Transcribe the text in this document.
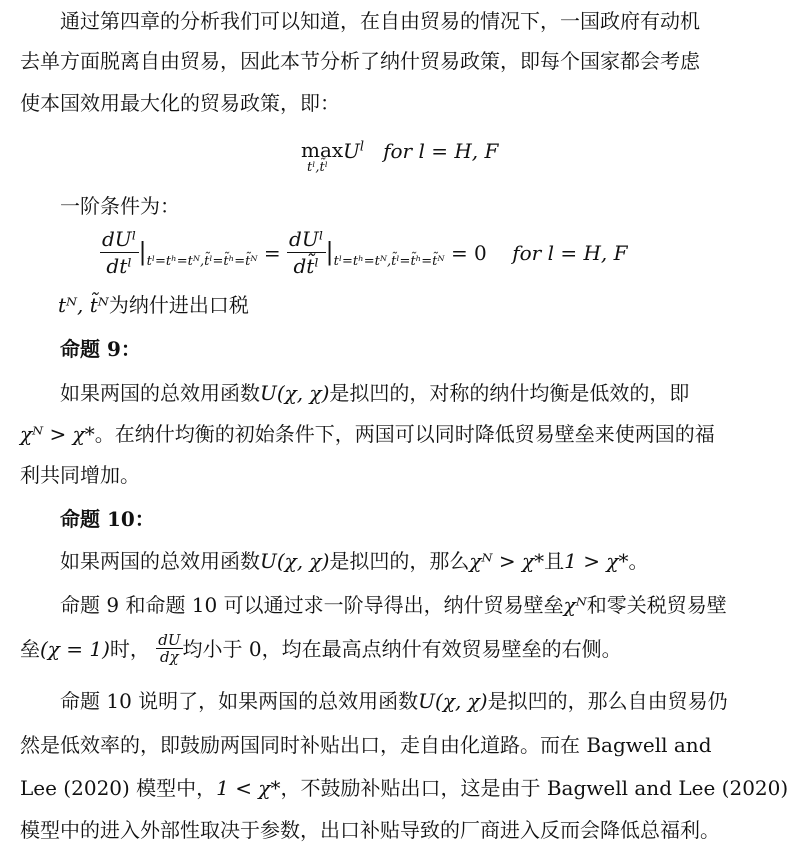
通过第四章的分析我们可以知道，在自由贸易的情况下，一国政府有动机
去单方面脱离自由贸易，因此本节分析了纳什贸易政策，即每个国家都会考虑
使本国效用最大化的贸易政策，即：
max
tˡ,t̃ˡ
$U^l$ for l = H, F
一阶条件为：
$\frac{\text{dUˡ}}{\text{dtˡ}} |_{tˡ=tʰ=tᴺ,t̃ˡ=t̃ʰ=t̃ᴺ} = \frac{\text{dUˡ}}{\text{dt̃ˡ}} |_{tˡ=tʰ=tᴺ,t̃ˡ=t̃ʰ=t̃ᴺ} = 0$ for l = H, F
tᴺ, t̃ᴺ为纳什进出口税
命题 9：
如果两国的总效用函数U(χ, χ)是拟凹的，对称的纳什均衡是低效的，即
χᴺ > χ*。在纳什均衡的初始条件下，两国可以同时降低贸易壁垒来使两国的福
利共同增加。
命题 10：
如果两国的总效用函数U(χ, χ)是拟凹的，那么χᴺ > χ*且1 > χ*。
命题 9 和命题 10 可以通过求一阶导得出，纳什贸易壁垒χᴺ和零关税贸易壁
垒(χ = 1)时， $\frac{dU}{d\chi}$ 均小于 0，均在最高点纳什有效贸易壁垒的右侧。
命题 10 说明了，如果两国的总效用函数U(χ, χ)是拟凹的，那么自由贸易仍
然是低效率的，即鼓励两国同时补贴出口，走自由化道路。而在 Bagwell and
Lee (2020) 模型中，1 < χ*，不鼓励补贴出口，这是由于 Bagwell and Lee (2020)
模型中的进入外部性取决于参数，出口补贴导致的厂商进入反而会降低总福利。
